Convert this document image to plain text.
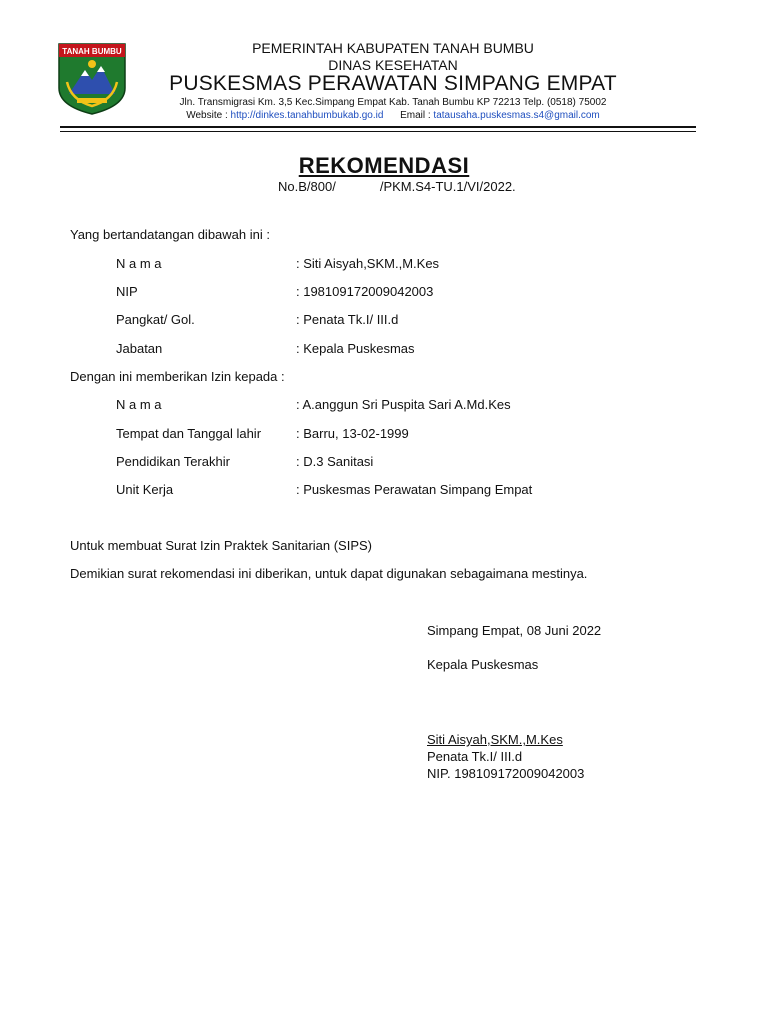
TANAH BUMBU	PEMERINTAH KABUPATEN TANAH BUMBU
DINAS KESEHATAN
PUSKESMAS PERAWATAN SIMPANG EMPAT
Jln. Transmigrasi Km. 3,5 Kec.Simpang Empat Kab. Tanah Bumbu KP 72213 Telp. (0518) 75002
Website : http://dinkes.tanahbumbukab.go.id Email : tatausaha.puskesmas.s4@gmail.com
REKOMENDASI
No.B/800/	/PKM.S4-TU.1/VI/2022.
Yang bertandatangan dibawah ini :
N a m a	: Siti Aisyah,SKM.,M.Kes
NIP	: 198109172009042003
Pangkat/ Gol.	: Penata Tk.I/ III.d
Jabatan	: Kepala Puskesmas
Dengan ini memberikan Izin kepada :
N a m a	: A.anggun Sri Puspita Sari A.Md.Kes
Tempat dan Tanggal lahir	: Barru, 13-02-1999
Pendidikan Terakhir	: D.3 Sanitasi
Unit Kerja	: Puskesmas Perawatan Simpang Empat
Untuk membuat Surat Izin Praktek Sanitarian (SIPS)
Demikian surat rekomendasi ini diberikan, untuk dapat digunakan sebagaimana mestinya.
Simpang Empat, 08 Juni 2022
Kepala Puskesmas
Siti Aisyah,SKM.,M.Kes
Penata Tk.I/ III.d
NIP. 198109172009042003
